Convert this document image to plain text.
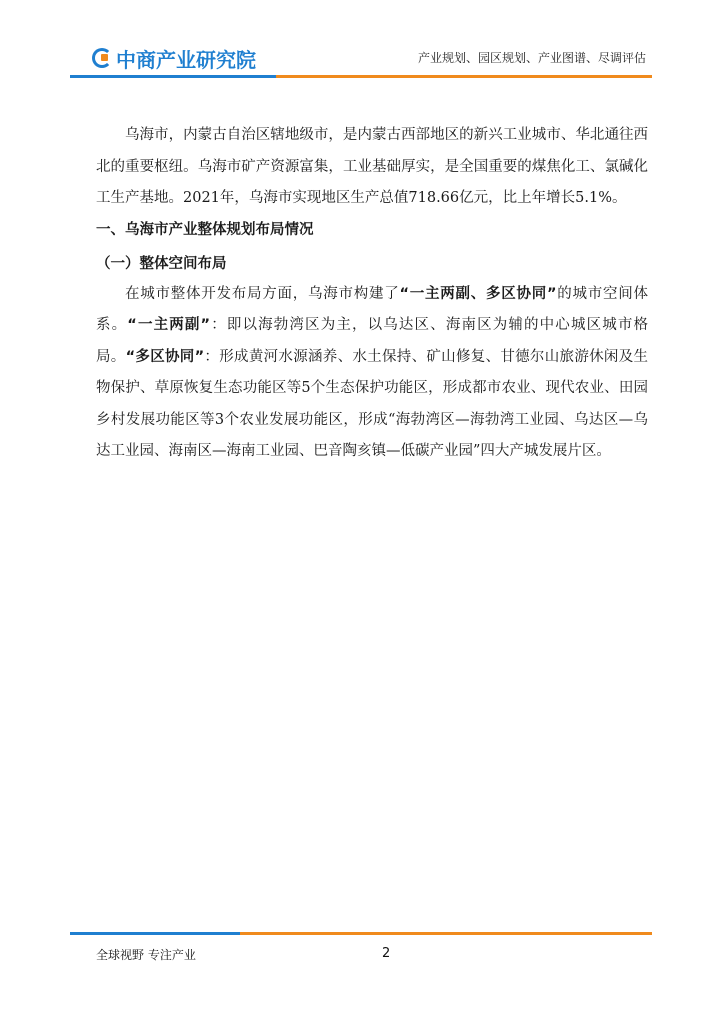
中商产业研究院	产业规划、园区规划、产业图谱、尽调评估

乌海市，内蒙古自治区辖地级市，是内蒙古西部地区的新兴工业城市、华北通往西北的重要枢纽。乌海市矿产资源富集，工业基础厚实，是全国重要的煤焦化工、氯碱化工生产基地。2021年，乌海市实现地区生产总值718.66亿元，比上年增长5.1%。

一、乌海市产业整体规划布局情况

（一）整体空间布局

在城市整体开发布局方面，乌海市构建了“一主两副、多区协同”的城市空间体系。“一主两副”：即以海勃湾区为主，以乌达区、海南区为辅的中心城区城市格局。“多区协同”：形成黄河水源涵养、水土保持、矿山修复、甘德尔山旅游休闲及生物保护、草原恢复生态功能区等5个生态保护功能区，形成都市农业、现代农业、田园乡村发展功能区等3个农业发展功能区，形成“海勃湾区—海勃湾工业园、乌达区—乌达工业园、海南区—海南工业园、巴音陶亥镇—低碳产业园”四大产城发展片区。

全球视野 专注产业	2
